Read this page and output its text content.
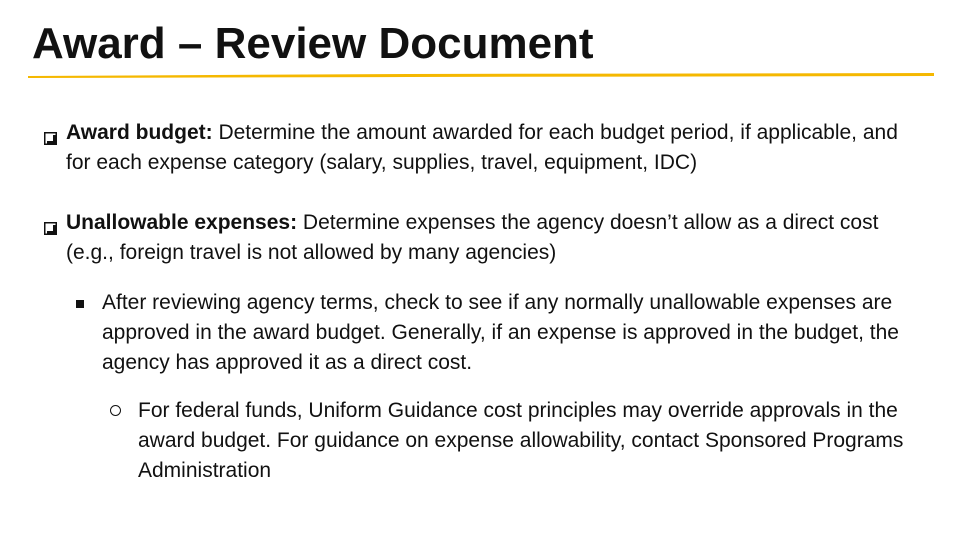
Award – Review Document
Award budget: Determine the amount awarded for each budget period, if applicable, and for each expense category (salary, supplies, travel, equipment, IDC)
Unallowable expenses: Determine expenses the agency doesn’t allow as a direct cost (e.g., foreign travel is not allowed by many agencies)
After reviewing agency terms, check to see if any normally unallowable expenses are approved in the award budget. Generally, if an expense is approved in the budget, the agency has approved it as a direct cost.
For federal funds, Uniform Guidance cost principles may override approvals in the award budget. For guidance on expense allowability, contact Sponsored Programs Administration
